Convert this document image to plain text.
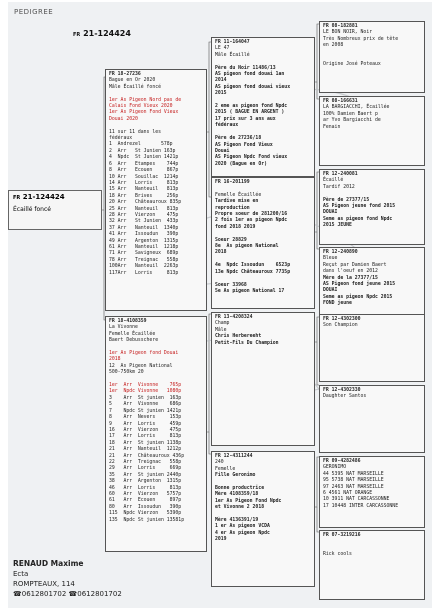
PEDIGREE
FR 21-124424
FR 21-124424
Écaillé foncé
FR 18-27236
Bague en Or 2020
Mâle Écaillé foncé

1er As Pigeon Nord pas de
Calais Fond Vieux 2020
1er As Pigeon Fond Vieux
Douai 2020

11 sur 11 dans les
fédéraux
1  Andrezel       578p
2  Arr   St Junien 163p
4  Npdc  St Junien 1421p
6  Arr   Etampes    744p
8  Arr   Ecouen     867p
10 Arr   Souillac  1214p
14 Arr   Lorris     813p
15 Arr   Nanteuil   813p
18 Arr   Brives     256p
20 Arr   Châteauroux 835p
25 Arr   Nanteuil   813p
28 Arr   Vierzon    475p
32 Arr   St Junien  433p
37 Arr   Nanteuil  1340p
41 Arr   Issoudun   390p
49 Arr   Argenton  1315p
61 Arr   Nanteuil  1218p
71 Arr   Savigneux  689p
78 Arr   Treignac   558p
100Arr   Nanteuil  2263p
117Arr   Lorris     813p
FR 18-4108359
La Vivonne
Femelle Écaillée
Baert Debusschere

1er As Pigeon fond Douai
2018
12  As Pigeon National
500-750km 20

1er  Arr  Vivonne    765p
1er  Npdc Vivonne   1080p
3    Arr  St junien  163p
5    Arr  Vivonne    686p
7    Npdc St junien 1421p
8    Arr  Nevers     153p
9    Arr  Lorris     459p
16   Arr  Vierzon    475p
17   Arr  Lorris     813p
18   Arr  St junien 1138p
21   Arr  Nanteuil  1212p
21   Arr  Châteauroux 436p
22   Arr  Treignac   558p
29   Arr  Lorris     669p
35   Arr  St junien 2440p
38   Arr  Argenton  1315p
46   Arr  Lorris     813p
60   Arr  Vierzon   5757p
61   Arr  Ecouen     897p
80   Arr  Issoudun   390p
115  Npdc Vierzon   5390p
135  Npdc St junien 13581p
FR 11-164047
LE 47
Mâle Écaillé

Père du Noir 11486/13
AS pigeon fond douai 1an
2014
AS pigeon fond douai vieux
2015

2 eme as pigeon fond Npdc
2015 ( BAGUE EN ARGENT )
17 prix sur 3 ans aux
fédéraux

Père de 27236/18
AS Pigeon Fond Vieux
Douai
AS Pigeon Npdc Fond vieux
2020 (Bague en Or)
FR 16-201199

Femelle Écaillée
Tardive mise en
reproduction
Propre soeur de 281200/16
2 fois 1er as pigeon Npdc
fond 2018 2019

Soeur 28829
8e  As pigeon National
2018

4e  Npdc Issoudun    6523p
13e Npdc Châteauroux 7735p

Soeur 33968
5e As pigeon National 17
FR 13-4208324
Champ
Mâle
Chris Herbereeht
Petit-Fils Du Champion
FR 12-4311244
240
Femelle
Fille Geronimo

Bonne productrice
Mère 4108359/18
1er As Pigeon Fond Npdc
et Vivonne 2 2018

Mère 4136391/19
1 er As pigeon VCDA
4 er As pigeon Npdc
2019
FR 08-182881
LE BON NOIR, Noir
Très Nombreux prix de tête
en 2008

Origine José Poteaux
FR 08-166631
LA BARGIACCHI, Écaillée
100% Damien Baert p
ar Yvo Bargiacchi de
Fenain
FR 12-240081
Écaillé
Tardif 2012

Père de 27377/15
AS Pigeon jeune fond 2015
DOUAI
Seme as pigeon fond Npdc
2015 JEUNE
FR 12-240890
Bleue
Reçut par Damien Baert
dans l'oeuf en 2012
Mère de la 27377/15
AS Pigeon fond jeune 2015
DOUAI
Seme as pigeon Npdc 2015
FOND jeune
FR 12-4302300
Son Champion
FR 12-4302330
Daughter Santos
FR 09-4282486
GERONIMO
44 5395 NAT MARSEILLE
95 5738 NAT MARSEILLE
97 2463 NAT MARSEILLE
6 4561 NAT ORANGE
10 3911 NAT CARCASSONNE
17 10448 INTER CARCASSONNE
FR 07-3219216

Rick cools
RENAUD Maxime
Ecta
ROMPTEAUX, 114
☎0612801702 ☎0612801702
